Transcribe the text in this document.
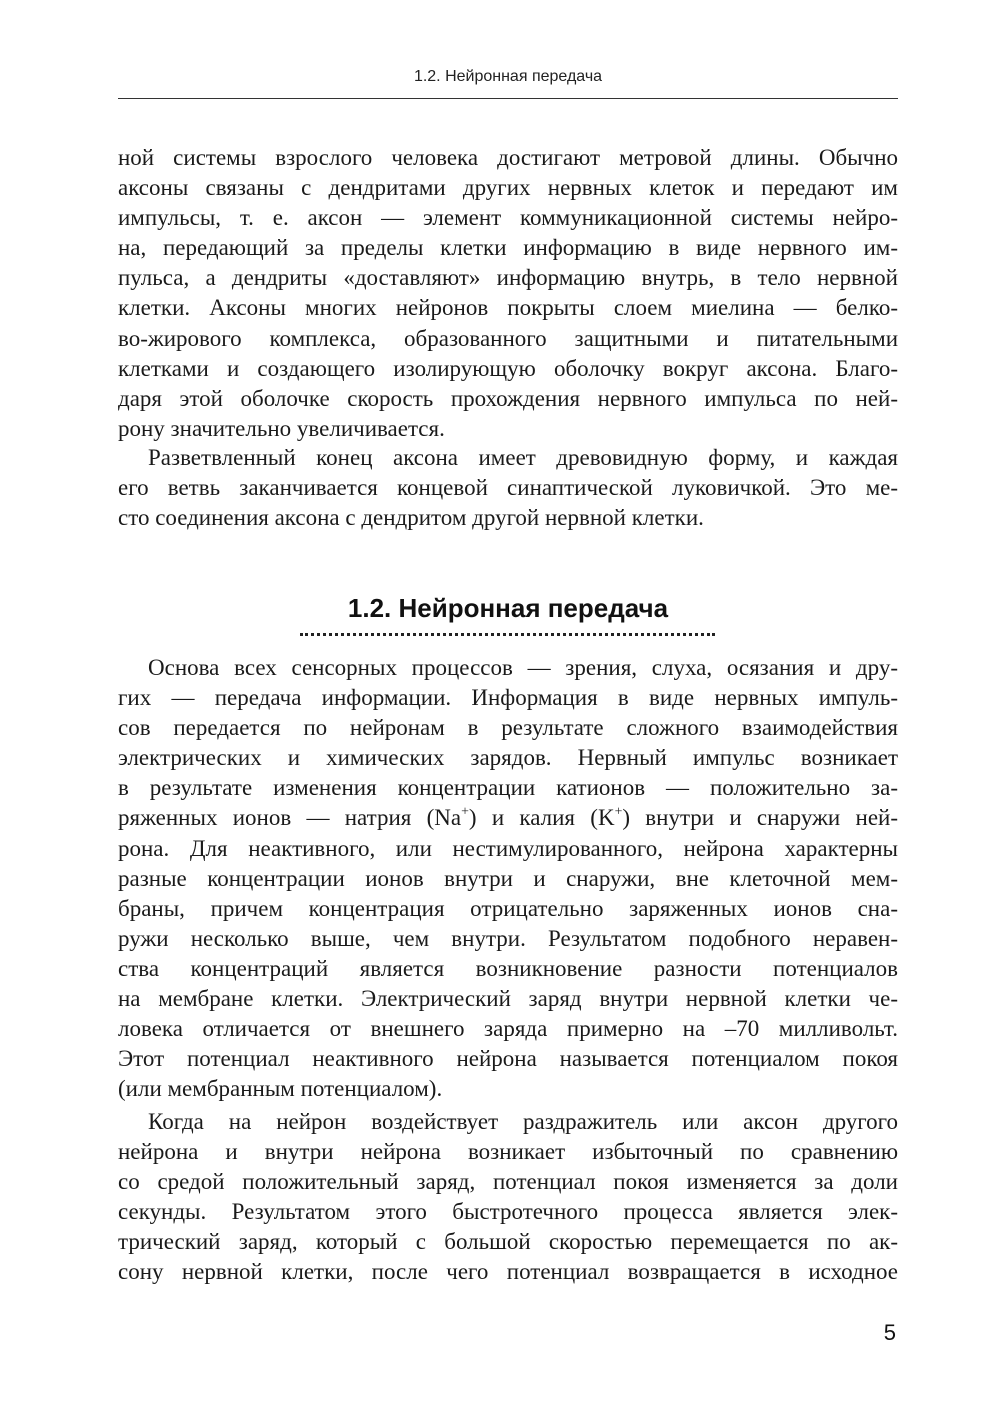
1.2. Нейронная передача

ной системы взрослого человека достигают метровой длины. Обычно
аксоны связаны с дендритами других нервных клеток и передают им
импульсы, т. е. аксон — элемент коммуникационной системы нейро-
на, передающий за пределы клетки информацию в виде нервного им-
пульса, а дендриты «доставляют» информацию внутрь, в тело нервной
клетки. Аксоны многих нейронов покрыты слоем миелина — белко-
во-жирового комплекса, образованного защитными и питательными
клетками и создающего изолирующую оболочку вокруг аксона. Благо-
даря этой оболочке скорость прохождения нервного импульса по ней-
рону значительно увеличивается.

Разветвленный конец аксона имеет древовидную форму, и каждая
его ветвь заканчивается концевой синаптической луковичкой. Это ме-
сто соединения аксона с дендритом другой нервной клетки.

1.2. Нейронная передача

Основа всех сенсорных процессов — зрения, слуха, осязания и дру-
гих — передача информации. Информация в виде нервных импуль-
сов передается по нейронам в результате сложного взаимодействия
электрических и химических зарядов. Нервный импульс возникает
в результате изменения концентрации катионов — положительно за-
ряженных ионов — натрия (Na+) и калия (K+) внутри и снаружи ней-
рона. Для неактивного, или нестимулированного, нейрона характерны
разные концентрации ионов внутри и снаружи, вне клеточной мем-
браны, причем концентрация отрицательно заряженных ионов сна-
ружи несколько выше, чем внутри. Результатом подобного неравен-
ства концентраций является возникновение разности потенциалов
на мембране клетки. Электрический заряд внутри нервной клетки че-
ловека отличается от внешнего заряда примерно на –70 милливольт.
Этот потенциал неактивного нейрона называется потенциалом покоя
(или мембранным потенциалом).

Когда на нейрон воздействует раздражитель или аксон другого
нейрона и внутри нейрона возникает избыточный по сравнению
со средой положительный заряд, потенциал покоя изменяется за доли
секунды. Результатом этого быстротечного процесса является элек-
трический заряд, который с большой скоростью перемещается по ак-
сону нервной клетки, после чего потенциал возвращается в исходное

5
